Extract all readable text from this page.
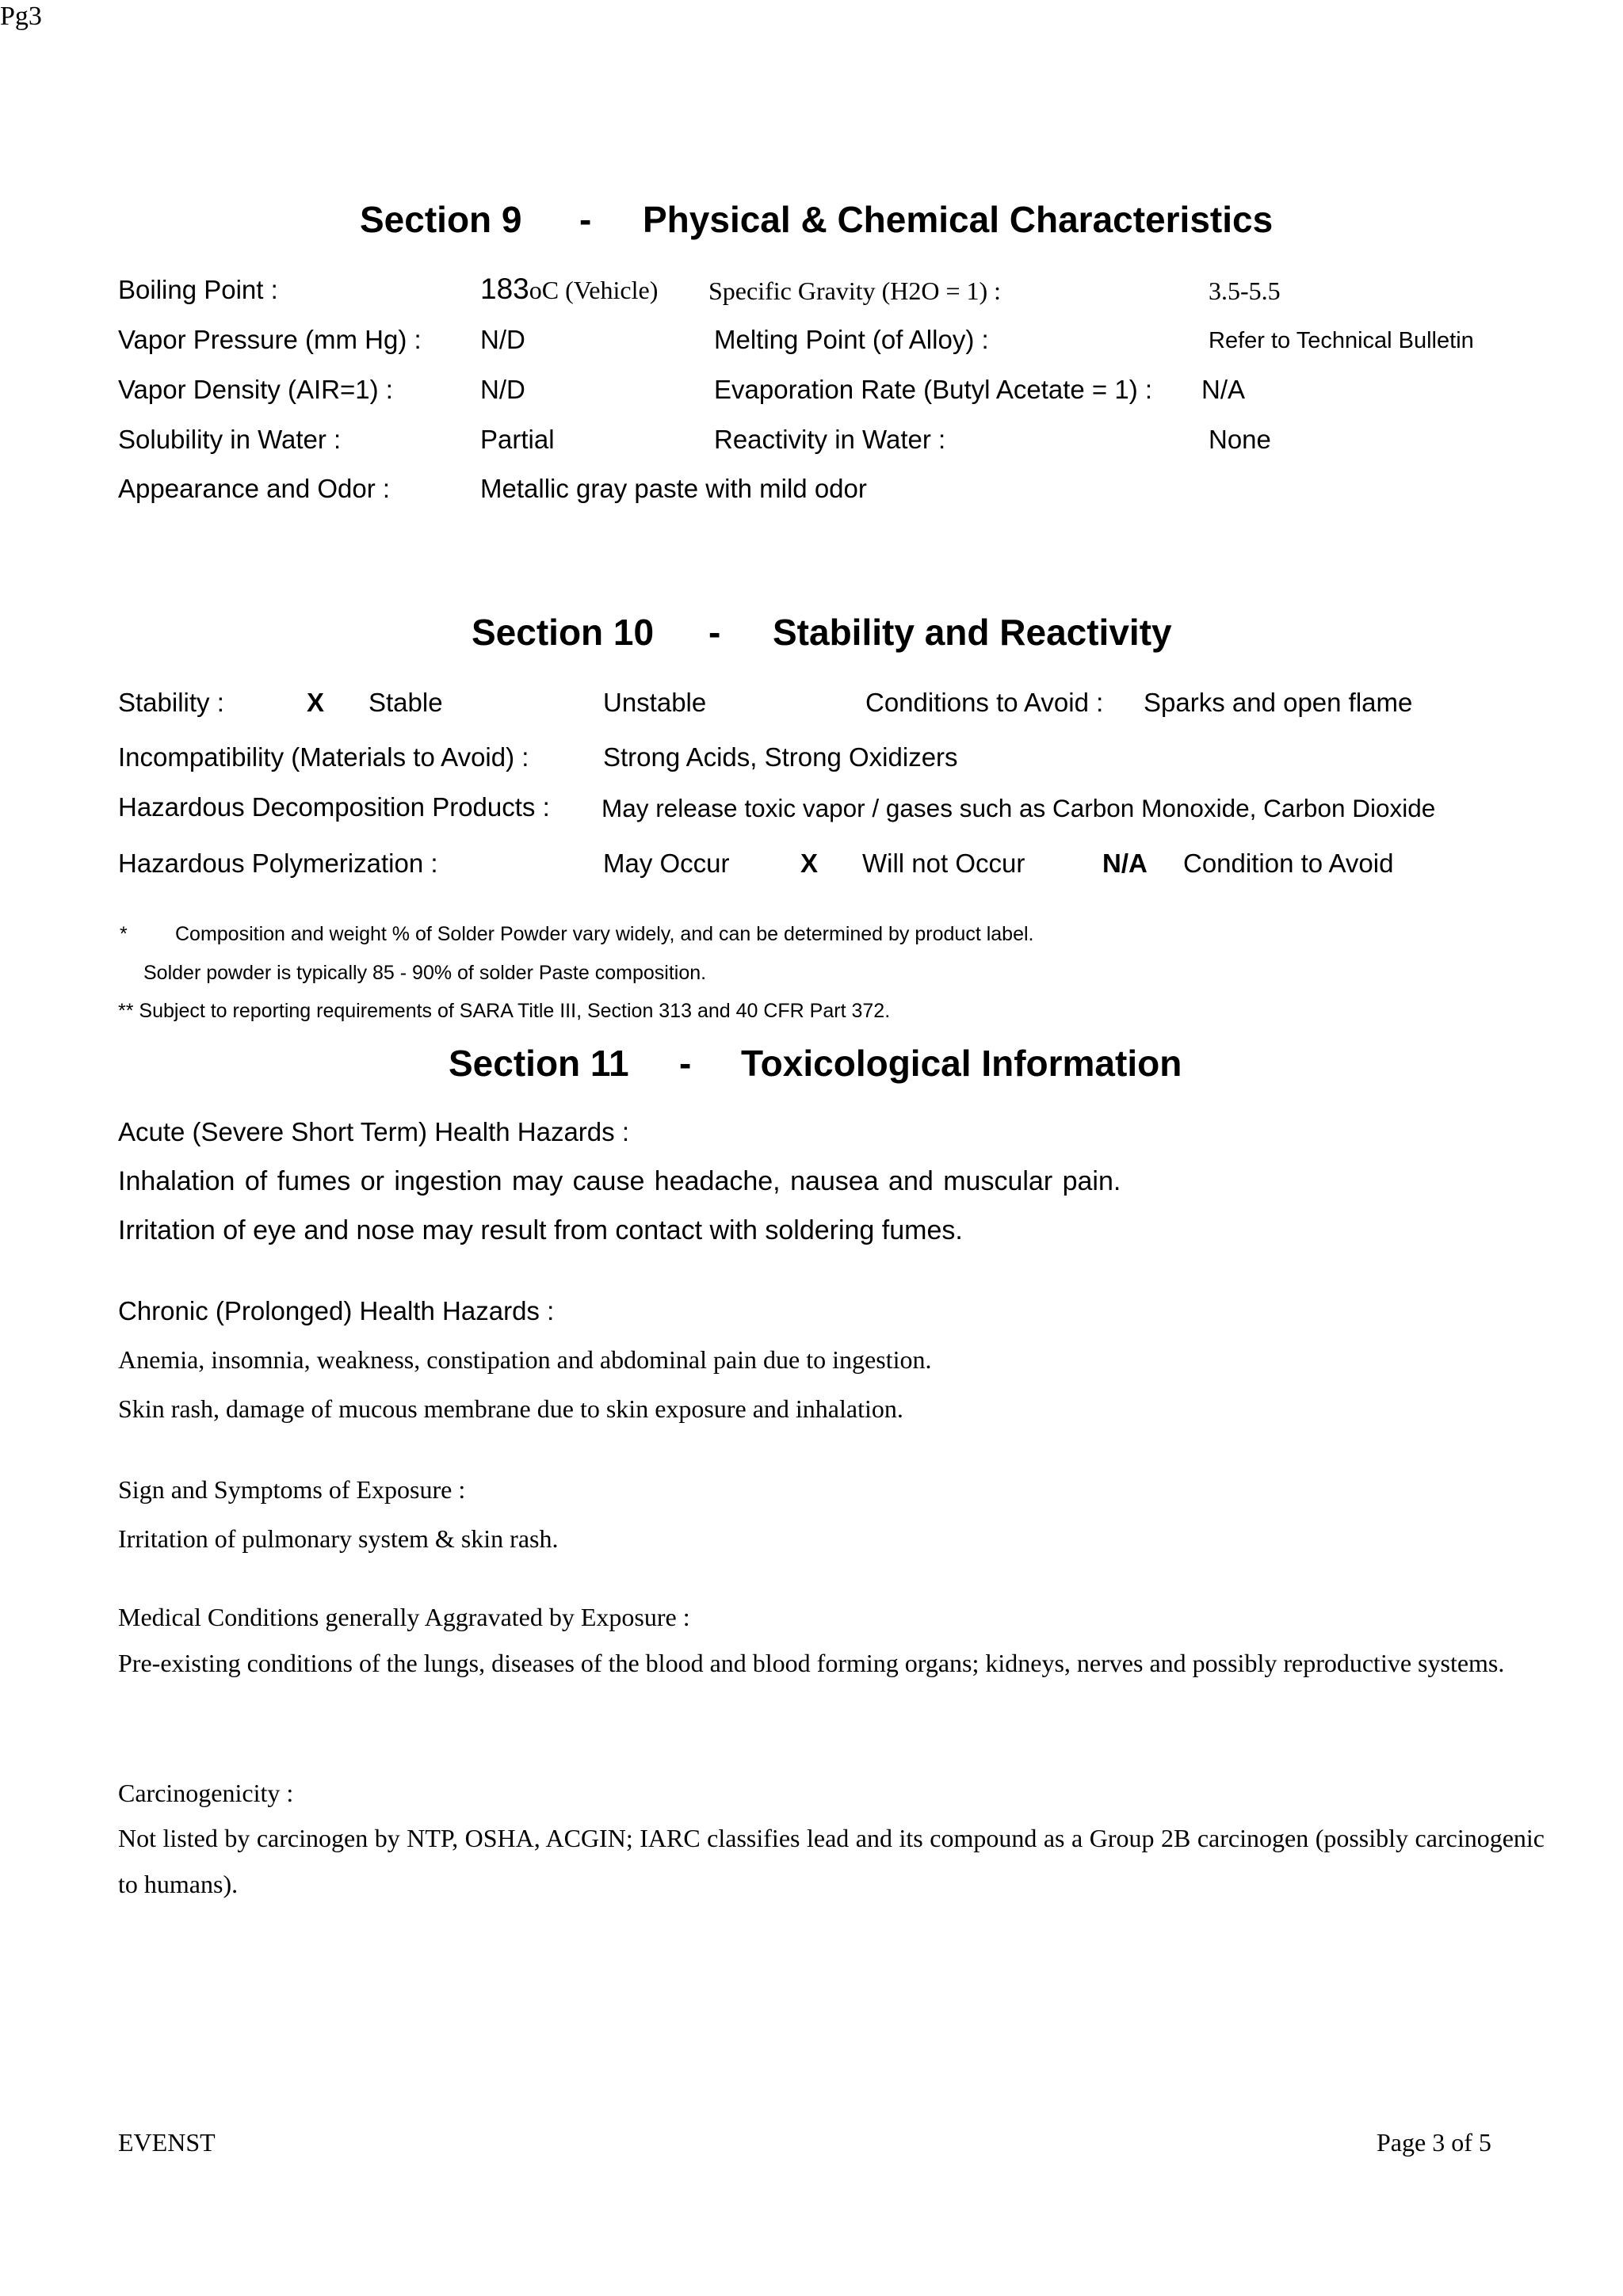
Pg3
Section 9 - Physical & Chemical Characteristics
Boiling Point :	183oC (Vehicle) Specific Gravity (H2O = 1) :	3.5-5.5
Vapor Pressure (mm Hg) : N/D	Melting Point (of Alloy) :	Refer to Technical Bulletin
Vapor Density (AIR=1) :	N/D	Evaporation Rate (Butyl Acetate = 1) : N/A
Solubility in Water :	Partial	Reactivity in Water :	None
Appearance and Odor :	Metallic gray paste with mild odor
Section 10 - Stability and Reactivity
Stability :	X Stable	Unstable	Conditions to Avoid : Sparks and open flame
Incompatibility (Materials to Avoid) :	Strong Acids, Strong Oxidizers
Hazardous Decomposition Products : May release toxic vapor / gases such as Carbon Monoxide, Carbon Dioxide
Hazardous Polymerization :	May Occur	X Will not Occur	N/A Condition to Avoid
* Composition and weight % of Solder Powder vary widely, and can be determined by product label.
Solder powder is typically 85 - 90% of solder Paste composition.
** Subject to reporting requirements of SARA Title III, Section 313 and 40 CFR Part 372.
Section 11 - Toxicological Information
Acute (Severe Short Term) Health Hazards :
Inhalation of fumes or ingestion may cause headache, nausea and muscular pain.
Irritation of eye and nose may result from contact with soldering fumes.
Chronic (Prolonged) Health Hazards :
Anemia, insomnia, weakness, constipation and abdominal pain due to ingestion.
Skin rash, damage of mucous membrane due to skin exposure and inhalation.
Sign and Symptoms of Exposure :
Irritation of pulmonary system & skin rash.
Medical Conditions generally Aggravated by Exposure :
Pre-existing conditions of the lungs, diseases of the blood and blood forming organs; kidneys, nerves and possibly reproductive systems.
Carcinogenicity :
Not listed by carcinogen by NTP, OSHA, ACGIN; IARC classifies lead and its compound as a Group 2B carcinogen (possibly carcinogenic to humans).
EVENST	Page 3 of 5
